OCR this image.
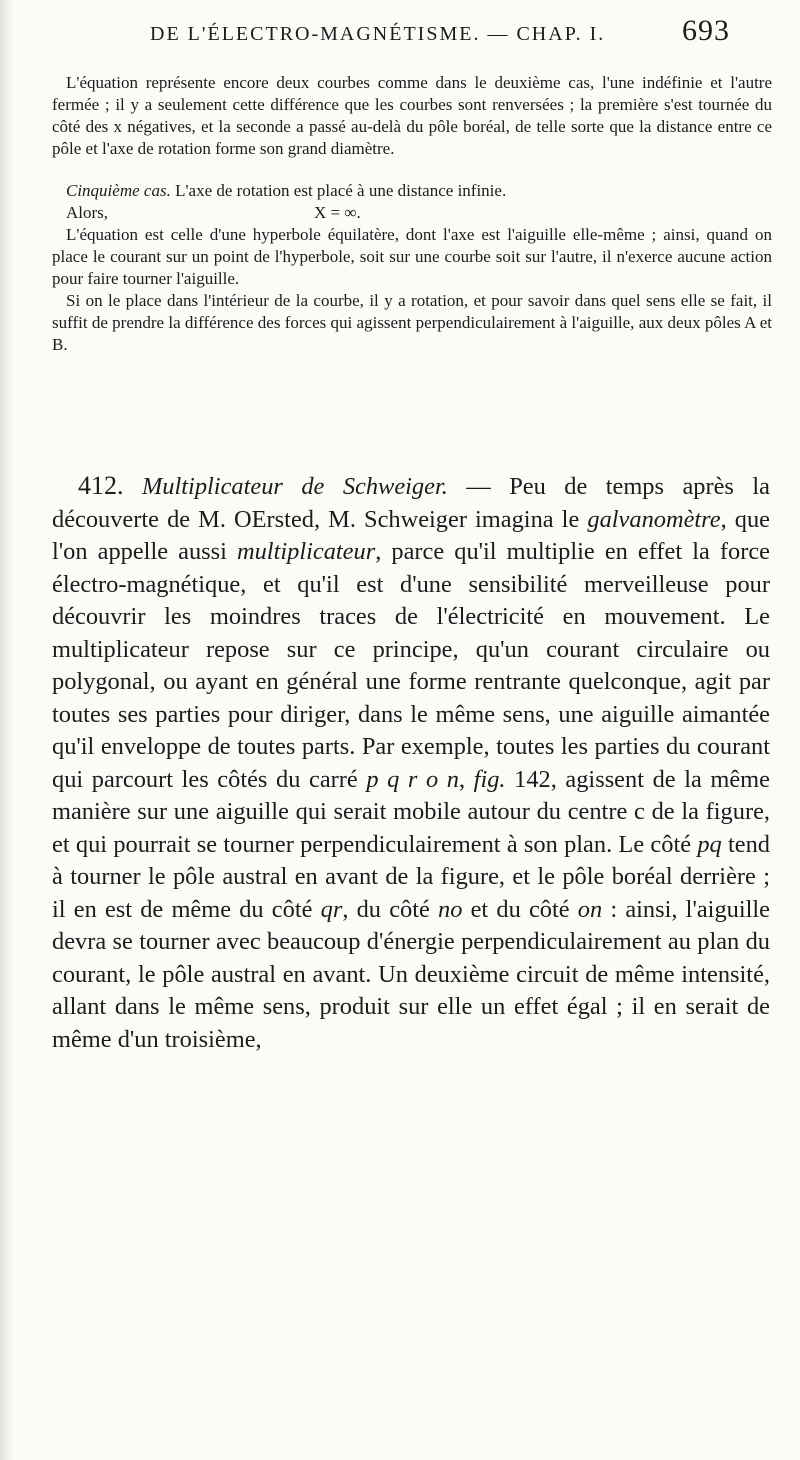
DE L'ÉLECTRO-MAGNÉTISME. — CHAP. I.	693

L'équation représente encore deux courbes comme dans le deuxième cas, l'une indéfinie et l'autre fermée ; il y a seulement cette différence que les courbes sont renversées ; la première s'est tournée du côté des x négatives, et la seconde a passé au-delà du pôle boréal, de telle sorte que la distance entre ce pôle et l'axe de rotation forme son grand diamètre.

Cinquième cas. L'axe de rotation est placé à une distance infinie.

Alors,	X = ∞.

L'équation est celle d'une hyperbole équilatère, dont l'axe est l'aiguille elle-même ; ainsi, quand on place le courant sur un point de l'hyperbole, soit sur une courbe soit sur l'autre, il n'exerce aucune action pour faire tourner l'aiguille.

Si on le place dans l'intérieur de la courbe, il y a rotation, et pour savoir dans quel sens elle se fait, il suffit de prendre la différence des forces qui agissent perpendiculairement à l'aiguille, aux deux pôles A et B.

412. Multiplicateur de Schweiger. — Peu de temps après la découverte de M. OErsted, M. Schweiger imagina le galvanomètre, que l'on appelle aussi multiplicateur, parce qu'il multiplie en effet la force électro-magnétique, et qu'il est d'une sensibilité merveilleuse pour découvrir les moindres traces de l'électricité en mouvement. Le multiplicateur repose sur ce principe, qu'un courant circulaire ou polygonal, ou ayant en général une forme rentrante quelconque, agit par toutes ses parties pour diriger, dans le même sens, une aiguille aimantée qu'il enveloppe de toutes parts. Par exemple, toutes les parties du courant qui parcourt les côtés du carré p q r o n, fig. 142, agissent de la même manière sur une aiguille qui serait mobile autour du centre c de la figure, et qui pourrait se tourner perpendiculairement à son plan. Le côté pq tend à tourner le pôle austral en avant de la figure, et le pôle boréal derrière ; il en est de même du côté qr, du côté no et du côté on : ainsi, l'aiguille devra se tourner avec beaucoup d'énergie perpendiculairement au plan du courant, le pôle austral en avant. Un deuxième circuit de même intensité, allant dans le même sens, produit sur elle un effet égal ; il en serait de même d'un troisième,
